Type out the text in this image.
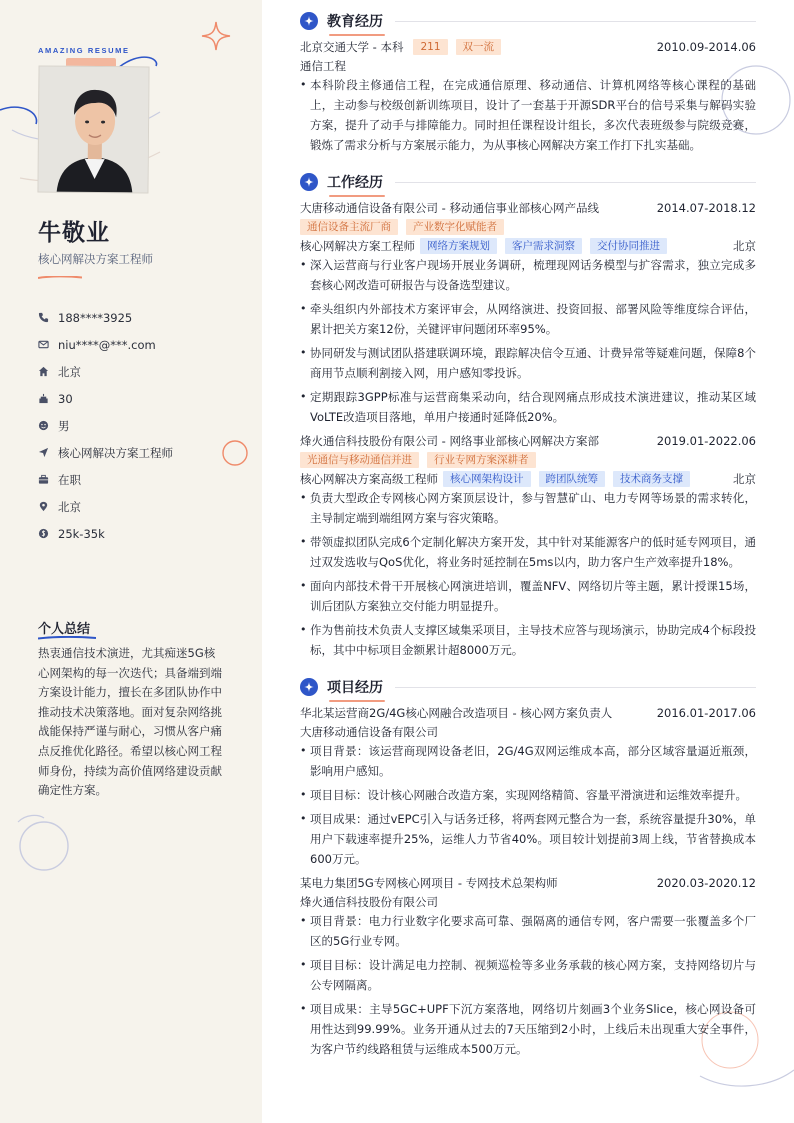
AMAZING RESUME
牛敬业
核心网解决方案工程师
188****3925
niu****@***.com
北京
30
男
核心网解决方案工程师
在职
北京
25k-35k
个人总结
热衷通信技术演进，尤其痴迷5G核心网架构的每一次迭代；具备端到端方案设计能力，擅长在多团队协作中推动技术决策落地。面对复杂网络挑战能保持严谨与耐心，习惯从客户痛点反推优化路径。希望以核心网工程师身份，持续为高价值网络建设贡献确定性方案。
教育经历
北京交通大学 - 本科	211	双一流	2010.09-2014.06
通信工程
• 本科阶段主修通信工程，在完成通信原理、移动通信、计算机网络等核心课程的基础上，主动参与校级创新训练项目，设计了一套基于开源SDR平台的信号采集与解码实验方案，提升了动手与排障能力。同时担任课程设计组长，多次代表班级参与院级竞赛，锻炼了需求分析与方案展示能力，为从事核心网解决方案工作打下扎实基础。
工作经历
大唐移动通信设备有限公司 - 移动通信事业部核心网产品线	2014.07-2018.12
通信设备主流厂商	产业数字化赋能者
核心网解决方案工程师	网络方案规划	客户需求洞察	交付协同推进	北京
• 深入运营商与行业客户现场开展业务调研，梳理现网话务模型与扩容需求，独立完成多套核心网改造可研报告与设备选型建议。
• 牵头组织内外部技术方案评审会，从网络演进、投资回报、部署风险等维度综合评估，累计把关方案12份，关键评审问题闭环率95%。
• 协同研发与测试团队搭建联调环境，跟踪解决信令互通、计费异常等疑难问题，保障8个商用节点顺利割接入网，用户感知零投诉。
• 定期跟踪3GPP标准与运营商集采动向，结合现网痛点形成技术演进建议，推动某区域VoLTE改造项目落地，单用户接通时延降低20%。
烽火通信科技股份有限公司 - 网络事业部核心网解决方案部	2019.01-2022.06
光通信与移动通信并进	行业专网方案深耕者
核心网解决方案高级工程师	核心网架构设计	跨团队统筹	技术商务支撑	北京
• 负责大型政企专网核心网方案顶层设计，参与智慧矿山、电力专网等场景的需求转化，主导制定端到端组网方案与容灾策略。
• 带领虚拟团队完成6个定制化解决方案开发，其中针对某能源客户的低时延专网项目，通过双发选收与QoS优化，将业务时延控制在5ms以内，助力客户生产效率提升18%。
• 面向内部技术骨干开展核心网演进培训，覆盖NFV、网络切片等主题，累计授课15场，训后团队方案独立交付能力明显提升。
• 作为售前技术负责人支撑区域集采项目，主导技术应答与现场演示，协助完成4个标段投标，其中中标项目金额累计超8000万元。
项目经历
华北某运营商2G/4G核心网融合改造项目 - 核心网方案负责人	2016.01-2017.06
大唐移动通信设备有限公司
• 项目背景：该运营商现网设备老旧，2G/4G双网运维成本高，部分区域容量逼近瓶颈，影响用户感知。
• 项目目标：设计核心网融合改造方案，实现网络精简、容量平滑演进和运维效率提升。
• 项目成果：通过vEPC引入与话务迁移，将两套网元整合为一套，系统容量提升30%，单用户下载速率提升25%，运维人力节省40%。项目较计划提前3周上线，节省替换成本600万元。
某电力集团5G专网核心网项目 - 专网技术总架构师	2020.03-2020.12
烽火通信科技股份有限公司
• 项目背景：电力行业数字化要求高可靠、强隔离的通信专网，客户需要一张覆盖多个厂区的5G行业专网。
• 项目目标：设计满足电力控制、视频巡检等多业务承载的核心网方案，支持网络切片与公专网隔离。
• 项目成果：主导5GC+UPF下沉方案落地，网络切片刻画3个业务Slice，核心网设备可用性达到99.99%。业务开通从过去的7天压缩到2小时，上线后未出现重大安全事件，为客户节约线路租赁与运维成本500万元。
